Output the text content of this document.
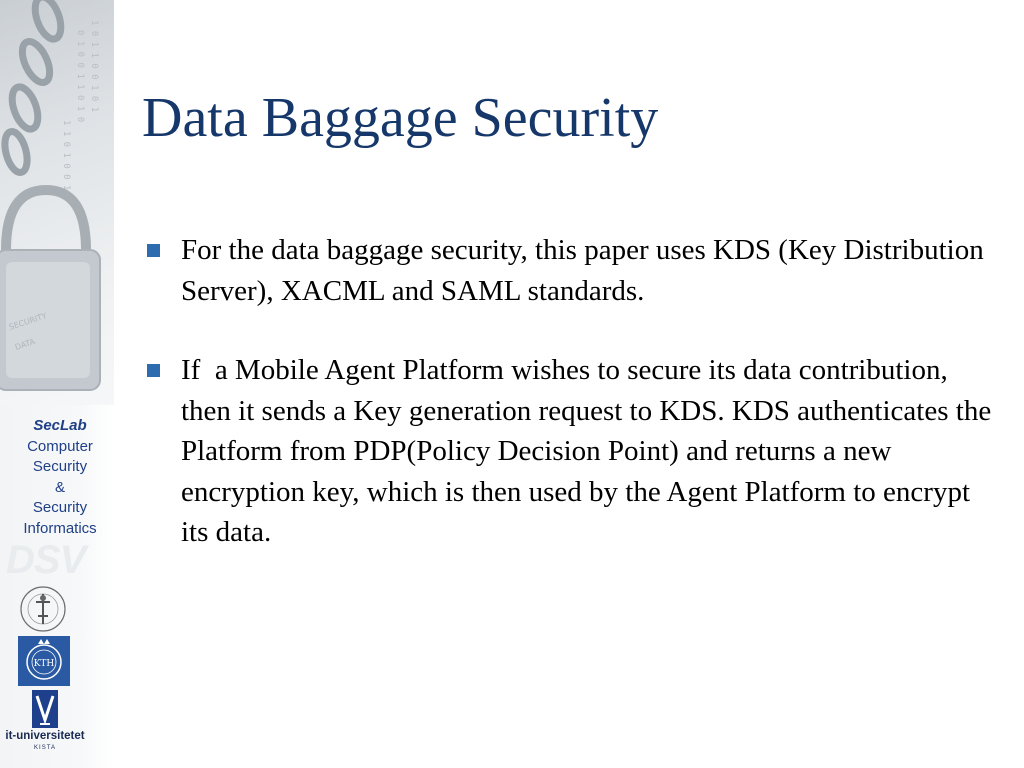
1 0 1 1 0 0 1 0 1
0 1 0 0 1 1 0 1 0
1 1 0 1 0 0 1 0
SECURITY
DATA
SecLab
Computer
Security
&
Security
Informatics
DSV
KTH
it-universitetet
KISTA
Data Baggage Security

For the data baggage security, this paper uses KDS (Key Distribution Server), XACML and SAML standards.

If  a Mobile Agent Platform wishes to secure its data contribution, then it sends a Key generation request to KDS. KDS authenticates the Platform from PDP(Policy Decision Point) and returns a new encryption key, which is then used by the Agent Platform to encrypt its data.
